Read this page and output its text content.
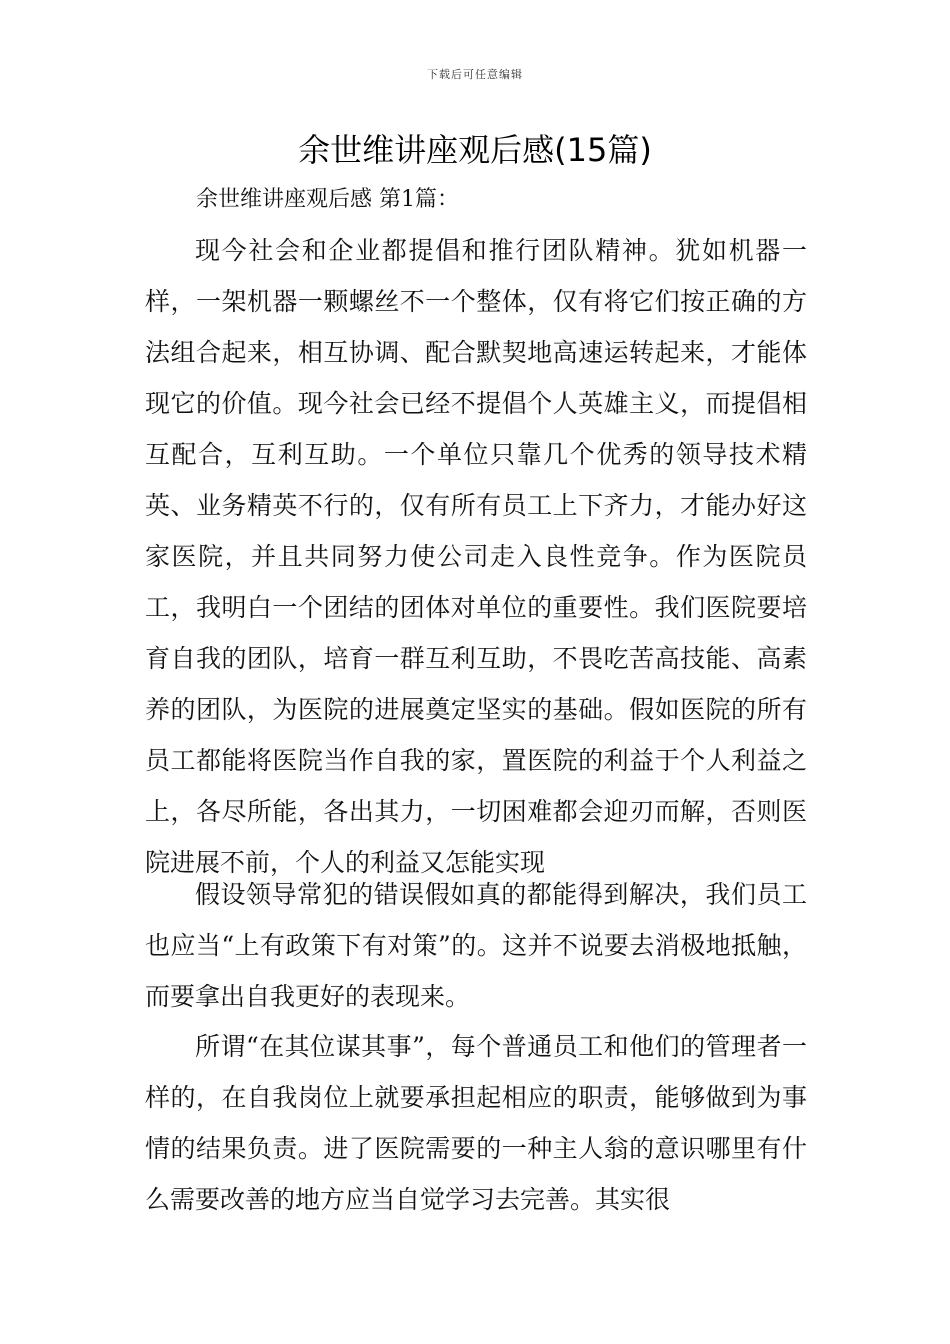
下载后可任意编辑
余世维讲座观后感(15篇)
余世维讲座观后感 第1篇：

现今社会和企业都提倡和推行团队精神。犹如机器一样，一架机器一颗螺丝不一个整体，仅有将它们按正确的方法组合起来，相互协调、配合默契地高速运转起来，才能体现它的价值。现今社会已经不提倡个人英雄主义，而提倡相互配合，互利互助。一个单位只靠几个优秀的领导技术精英、业务精英不行的，仅有所有员工上下齐力，才能办好这家医院，并且共同努力使公司走入良性竞争。作为医院员工，我明白一个团结的团体对单位的重要性。我们医院要培育自我的团队，培育一群互利互助，不畏吃苦高技能、高素养的团队，为医院的进展奠定坚实的基础。假如医院的所有员工都能将医院当作自我的家，置医院的利益于个人利益之上，各尽所能，各出其力，一切困难都会迎刃而解，否则医院进展不前，个人的利益又怎能实现

假设领导常犯的错误假如真的都能得到解决，我们员工也应当“上有政策下有对策”的。这并不说要去消极地抵触，而要拿出自我更好的表现来。

所谓“在其位谋其事”，每个普通员工和他们的管理者一样的，在自我岗位上就要承担起相应的职责，能够做到为事情的结果负责。进了医院需要的一种主人翁的意识哪里有什么需要改善的地方应当自觉学习去完善。其实很
